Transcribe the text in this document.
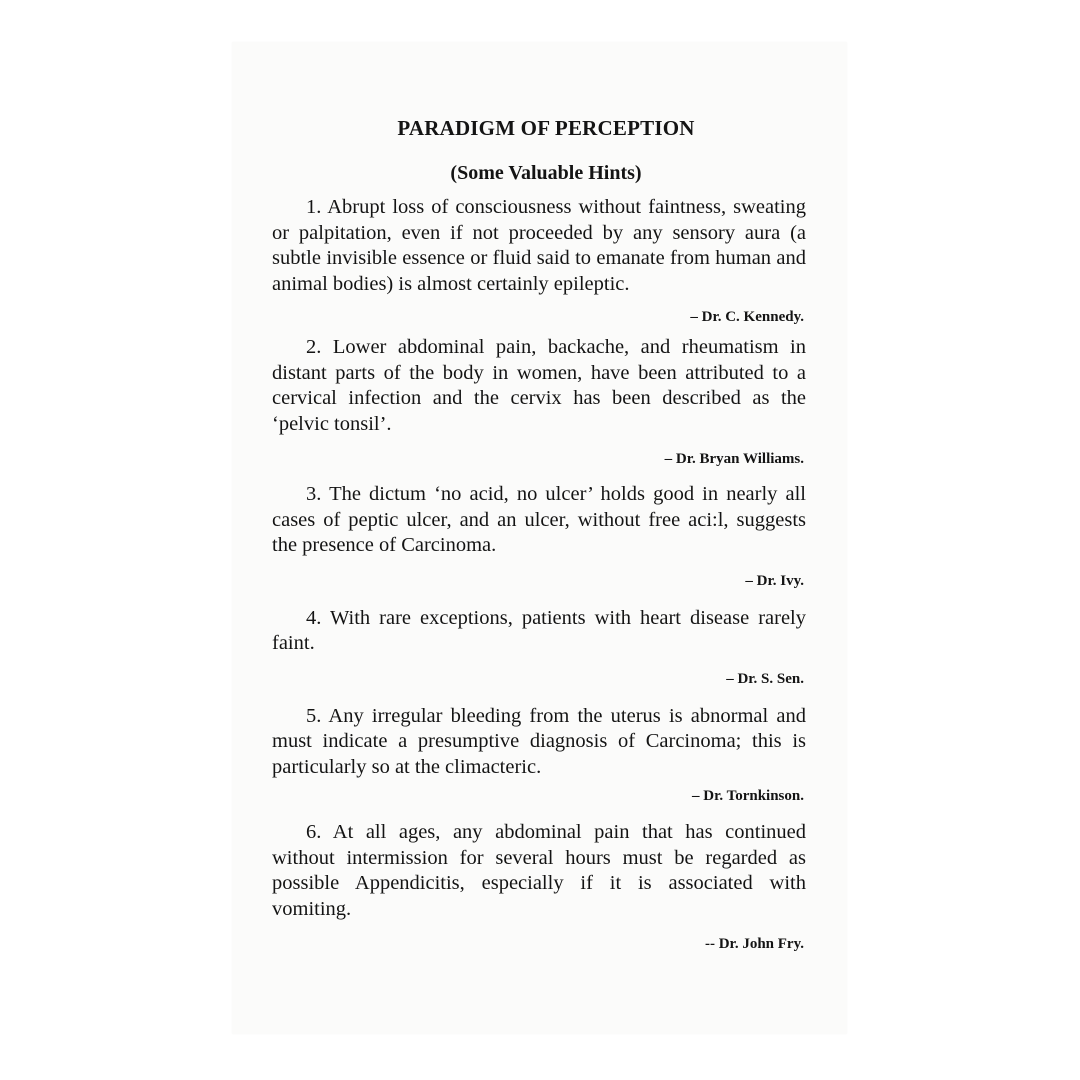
PARADIGM OF PERCEPTION
(Some Valuable Hints)

1. Abrupt loss of consciousness without faintness, sweating or palpitation, even if not proceeded by any sensory aura (a subtle invisible essence or fluid said to emanate from human and animal bodies) is almost certainly epileptic.

– Dr. C. Kennedy.

2. Lower abdominal pain, backache, and rheumatism in distant parts of the body in women, have been attributed to a cervical infection and the cervix has been described as the ‘pelvic tonsil’.

– Dr. Bryan Williams.

3. The dictum ‘no acid, no ulcer’ holds good in nearly all cases of peptic ulcer, and an ulcer, without free aci:l, suggests the presence of Carcinoma.

– Dr. Ivy.

4. With rare exceptions, patients with heart disease rarely faint.

– Dr. S. Sen.

5. Any irregular bleeding from the uterus is abnormal and must indicate a presumptive diagnosis of Carcinoma; this is particularly so at the climacteric.

– Dr. Tornkinson.

6. At all ages, any abdominal pain that has continued without intermission for several hours must be regarded as possible Appendicitis, especially if it is associated with vomiting.

-- Dr. John Fry.
